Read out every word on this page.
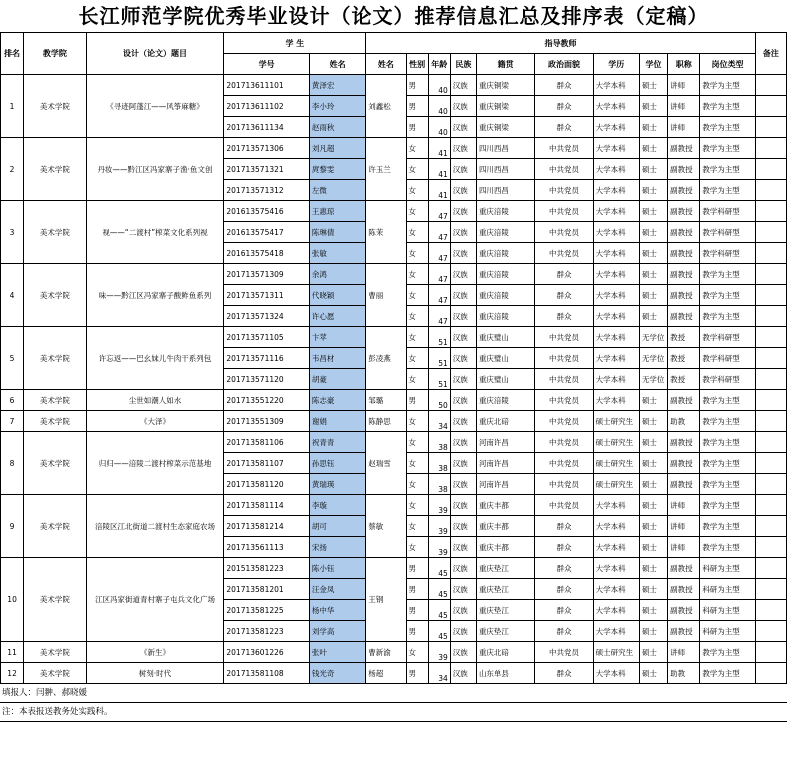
长江师范学院优秀毕业设计（论文）推荐信息汇总及排序表（定稿）
排名	教学院	设计（论文）题目	学 生		指导教师										备注
			学号	姓名	姓名	性别	年龄	民族	籍贯	政治面貌	学历	学位	职称	岗位类型	
1	美术学院	《寻迹阿蓬江——风筝麻糖》	201713611101	黄泽宏	刘鑫松	男	40	汉族	重庆铜梁	群众	大学本科	硕士	讲师	教学为主型	
			201713611102	李小玲		男	40	汉族	重庆铜梁	群众	大学本科	硕士	讲师	教学为主型	
			201713611134	赵雨秋		男	40	汉族	重庆铜梁	群众	大学本科	硕士	讲师	教学为主型	
2	美术学院	丹妆——黔江区冯家寨子渔·鱼文创	201713571306	刘凡超	许玉兰	女	41	汉族	四川西昌	中共党员	大学本科	硕士	副教授	教学为主型	
			201713571321	庹黎雯		女	41	汉族	四川西昌	中共党员	大学本科	硕士	副教授	教学为主型	
			201713571312	左微		女	41	汉族	四川西昌	中共党员	大学本科	硕士	副教授	教学为主型	
3	美术学院	视——“二渡村”榨菜文化系列视	201613575416	王惠琼	陈茉	女	47	汉族	重庆涪陵	中共党员	大学本科	硕士	副教授	教学科研型	
			201613575417	陈琳倩		女	47	汉族	重庆涪陵	中共党员	大学本科	硕士	副教授	教学科研型	
			201613575418	张敏		女	47	汉族	重庆涪陵	中共党员	大学本科	硕士	副教授	教学科研型	
4	美术学院	味——黔江区冯家寨子酸鲊鱼系列	201713571309	余鸿	曹丽	女	47	汉族	重庆涪陵	群众	大学本科	硕士	副教授	教学为主型	
			201713571311	代晓颖		女	47	汉族	重庆涪陵	群众	大学本科	硕士	副教授	教学为主型	
			201713571324	许心愿		女	47	汉族	重庆涪陵	群众	大学本科	硕士	副教授	教学为主型	
5	美术学院	许忘返——巴幺妹儿牛肉干系列包	201713571105	卞苹	彭凌燕	女	51	汉族	重庆璧山	中共党员	大学本科	无学位	教授	教学科研型	
			201713571116	韦昌材		女	51	汉族	重庆璧山	中共党员	大学本科	无学位	教授	教学科研型	
			201713571120	胡豪		女	51	汉族	重庆璧山	中共党员	大学本科	无学位	教授	教学科研型	
6	美术学院	尘世如潮人如水	201713551220	陈志豪	邹璐	男	50	汉族	重庆涪陵	中共党员	大学本科	硕士	副教授	教学为主型	
7	美术学院	《大泽》	201713551309	谢娟	陈静思	女	34	汉族	重庆北碚	中共党员	硕士研究生	硕士	助教	教学为主型	
8	美术学院	归归——涪陵二渡村榨菜示范基地	201713581106	祝青青	赵瑞雪	女	38	汉族	河南许昌	中共党员	硕士研究生	硕士	副教授	教学为主型	
			201713581107	孙思钰		女	38	汉族	河南许昌	中共党员	硕士研究生	硕士	副教授	教学为主型	
			201713581120	黄瑞瑛		女	38	汉族	河南许昌	中共党员	硕士研究生	硕士	副教授	教学为主型	
9	美术学院	涪陵区江北街道二渡村生态家庭农场	201713581114	李璇	蔡敏	女	39	汉族	重庆丰都	中共党员	大学本科	硕士	讲师	教学为主型	
			201713581214	胡可		女	39	汉族	重庆丰都	群众	大学本科	硕士	讲师	教学为主型	
			201713561113	宋扬		女	39	汉族	重庆丰都	群众	大学本科	硕士	讲师	教学为主型	
10	美术学院	江区冯家街道青村寨子屯兵文化广场	201513581223	陈小钰	王钢	男	45	汉族	重庆垫江	群众	大学本科	硕士	副教授	科研为主型	
			201713581201	汪金凤		男	45	汉族	重庆垫江	群众	大学本科	硕士	副教授	科研为主型	
			201713581225	杨中华		男	45	汉族	重庆垫江	群众	大学本科	硕士	副教授	科研为主型	
			201713581223	刘学高		男	45	汉族	重庆垫江	群众	大学本科	硕士	副教授	科研为主型	
11	美术学院	《新生》	201713601226	张叶	曹新渝	女	39	汉族	重庆北碚	中共党员	硕士研究生	硕士	讲师	教学为主型	
12	美术学院	树刻·时代	201713581108	钱光奇	杨超	男	34	汉族	山东单县	群众	大学本科	硕士	助教	教学为主型	
填报人：闫翀、郝晓媛
注：本表报送教务处实践科。
